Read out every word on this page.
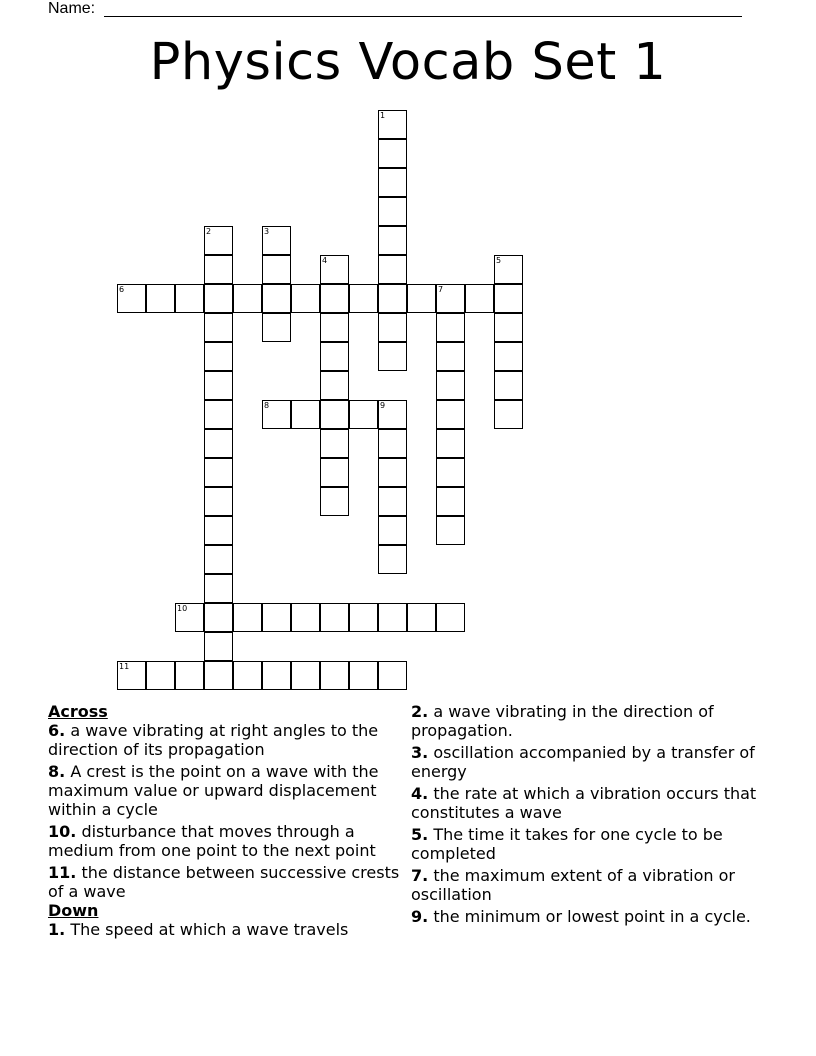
Name:
Physics Vocab Set 1
1
2	3
4	5
6	7
8	9
10
11

Across

6. a wave vibrating at right angles to the direction of its propagation

8. A crest is the point on a wave with the maximum value or upward displacement within a cycle

10. disturbance that moves through a medium from one point to the next point

11. the distance between successive crests of a wave

Down

1. The speed at which a wave travels

2. a wave vibrating in the direction of propagation.

3. oscillation accompanied by a transfer of energy

4. the rate at which a vibration occurs that constitutes a wave

5. The time it takes for one cycle to be completed

7. the maximum extent of a vibration or oscillation

9. the minimum or lowest point in a cycle.
